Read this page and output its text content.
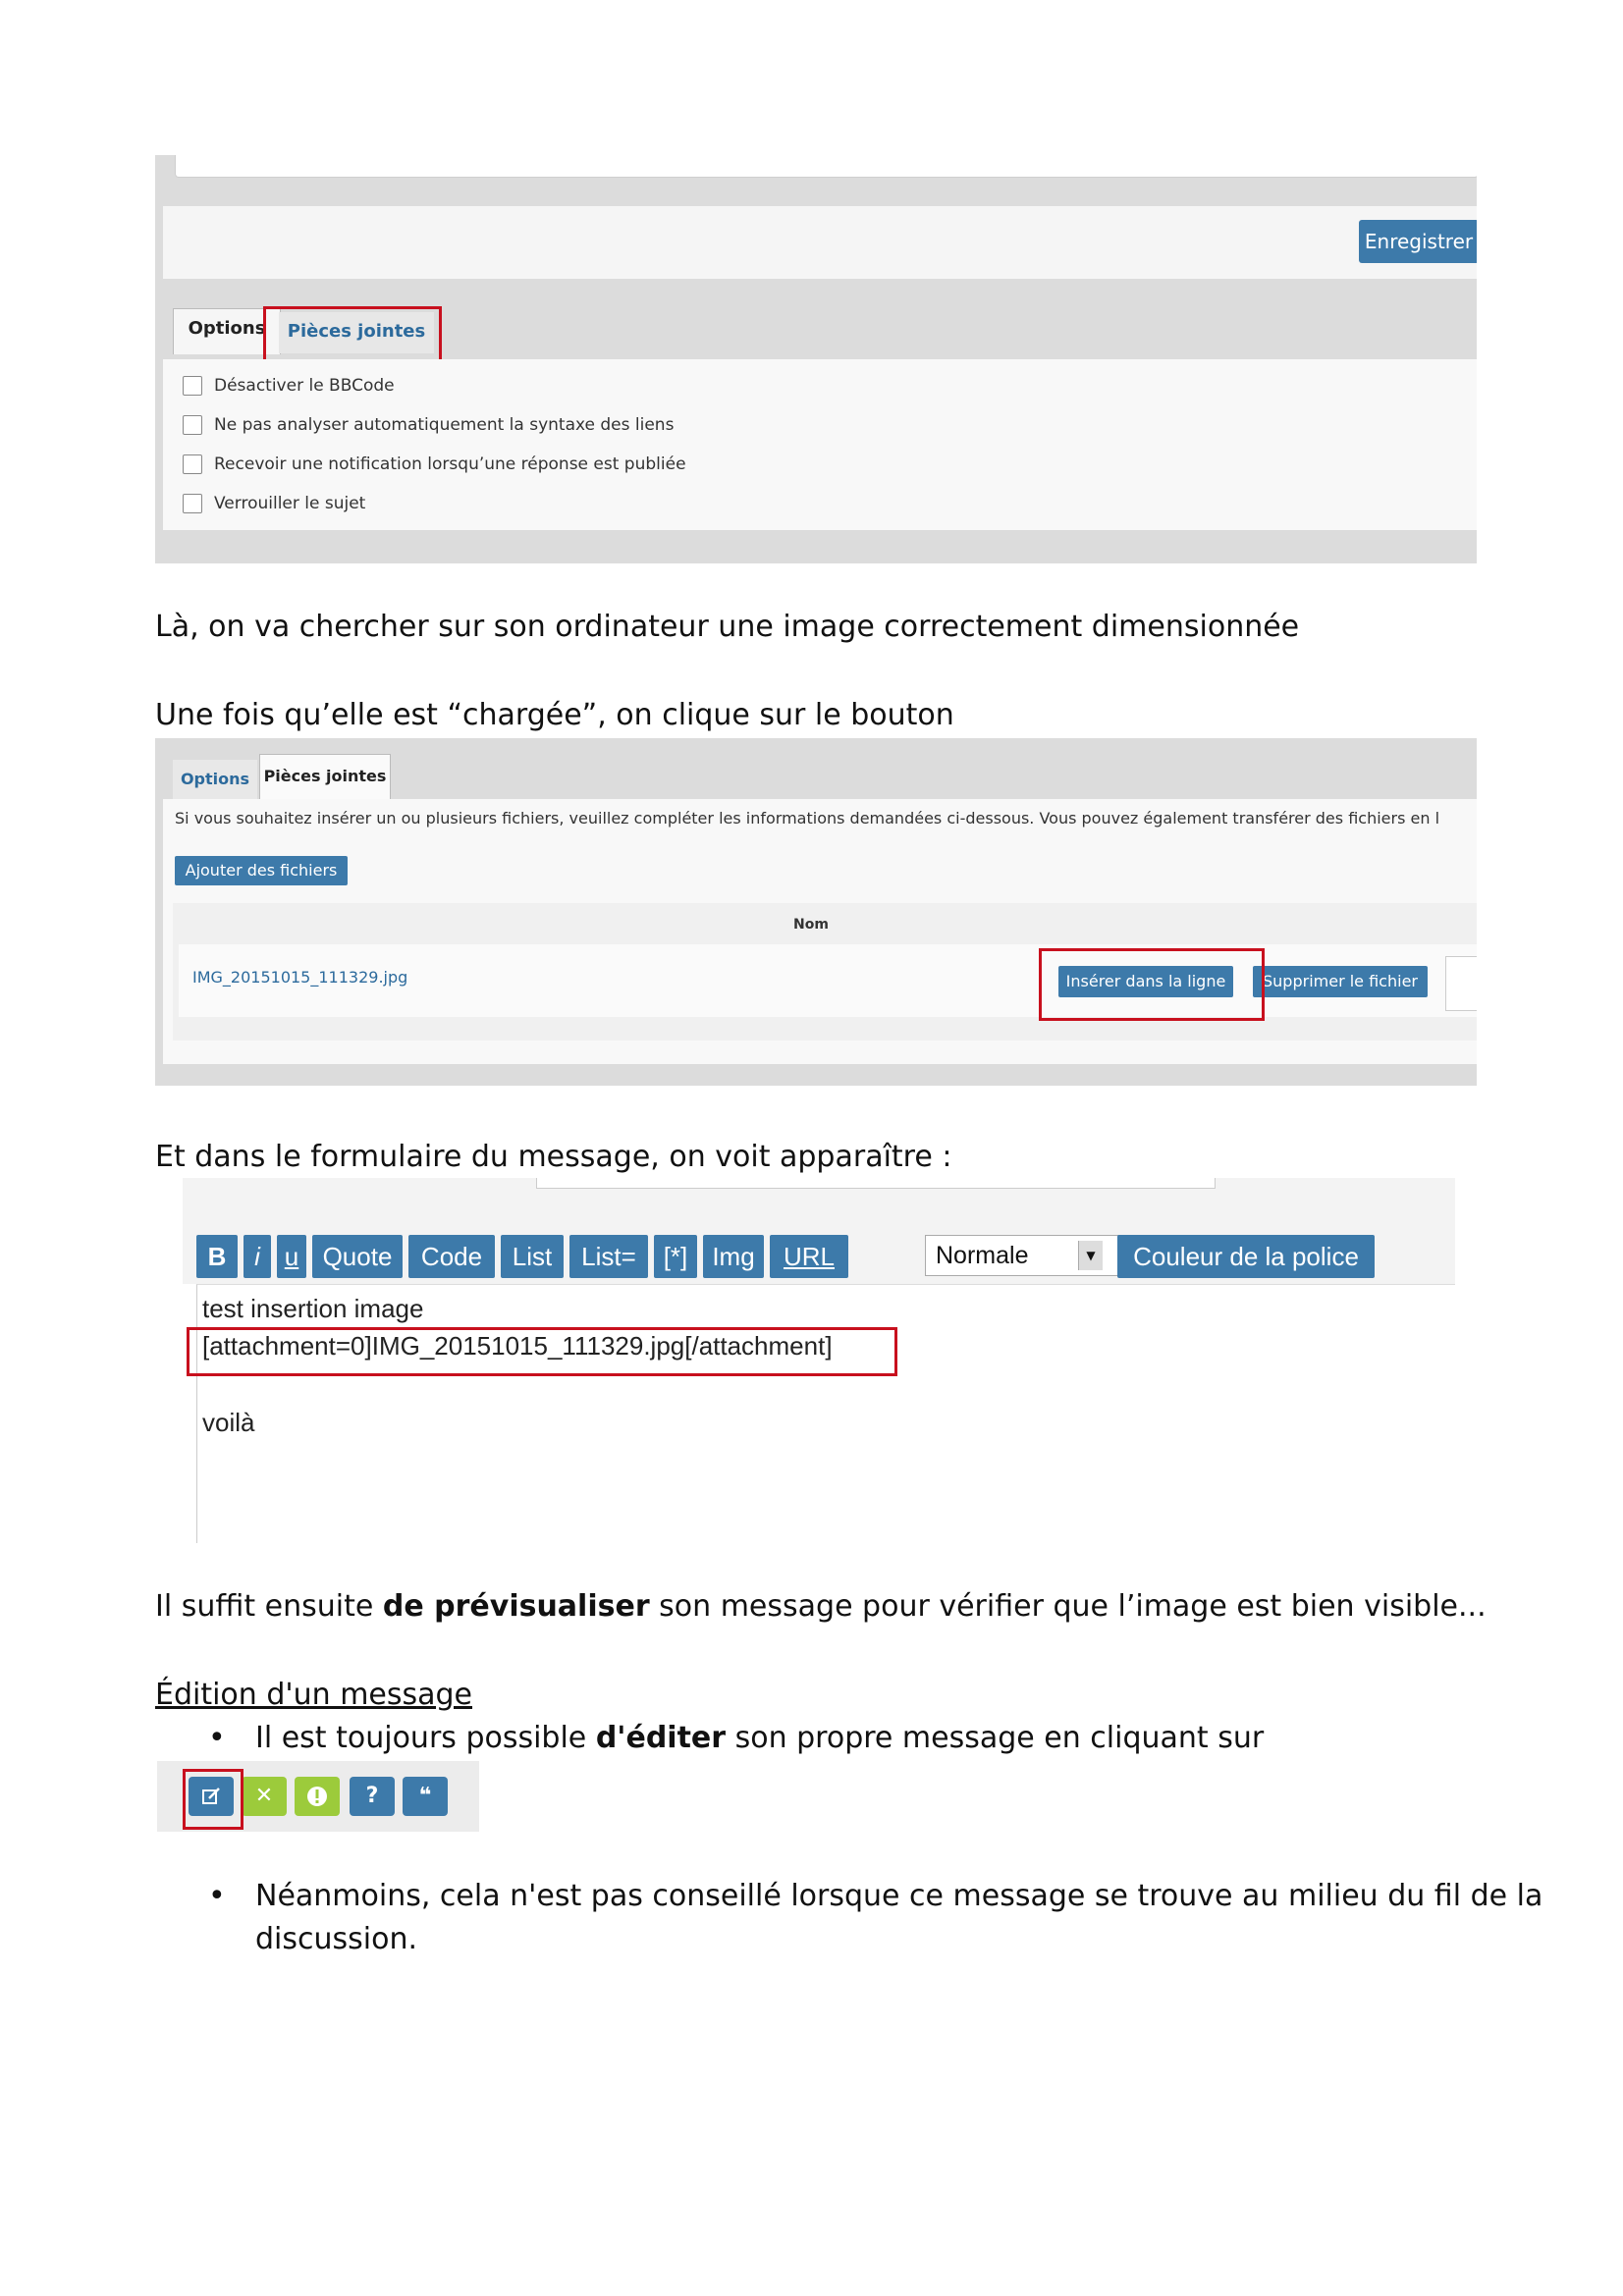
Enregistrer
Options	Pièces jointes
Désactiver le BBCode
Ne pas analyser automatiquement la syntaxe des liens
Recevoir une notification lorsqu’une réponse est publiée
Verrouiller le sujet
Là, on va chercher sur son ordinateur une image correctement dimensionnée
Une fois qu’elle est “chargée”, on clique sur le bouton
Options Pièces jointes
Si vous souhaitez insérer un ou plusieurs fichiers, veuillez compléter les informations demandées ci-dessous. Vous pouvez également transférer des fichiers en l
Ajouter des fichiers
Nom
IMG_20151015_111329.jpg	Insérer dans la ligne	Supprimer le fichier
Et dans le formulaire du message, on voit apparaître :
B	i u Quote	Code	List	List=	[*] Img	URL	Normale	▼	Couleur de la police
test insertion image
[attachment=0]IMG_20151015_111329.jpg[/attachment]
voilà
Il suffit ensuite de prévisualiser son message pour vérifier que l’image est bien visible...
Édition d'un message
• Il est toujours possible d'éditer son propre message en cliquant sur
✕	?	❝
• Néanmoins, cela n'est pas conseillé lorsque ce message se trouve au milieu du fil de la
discussion.
